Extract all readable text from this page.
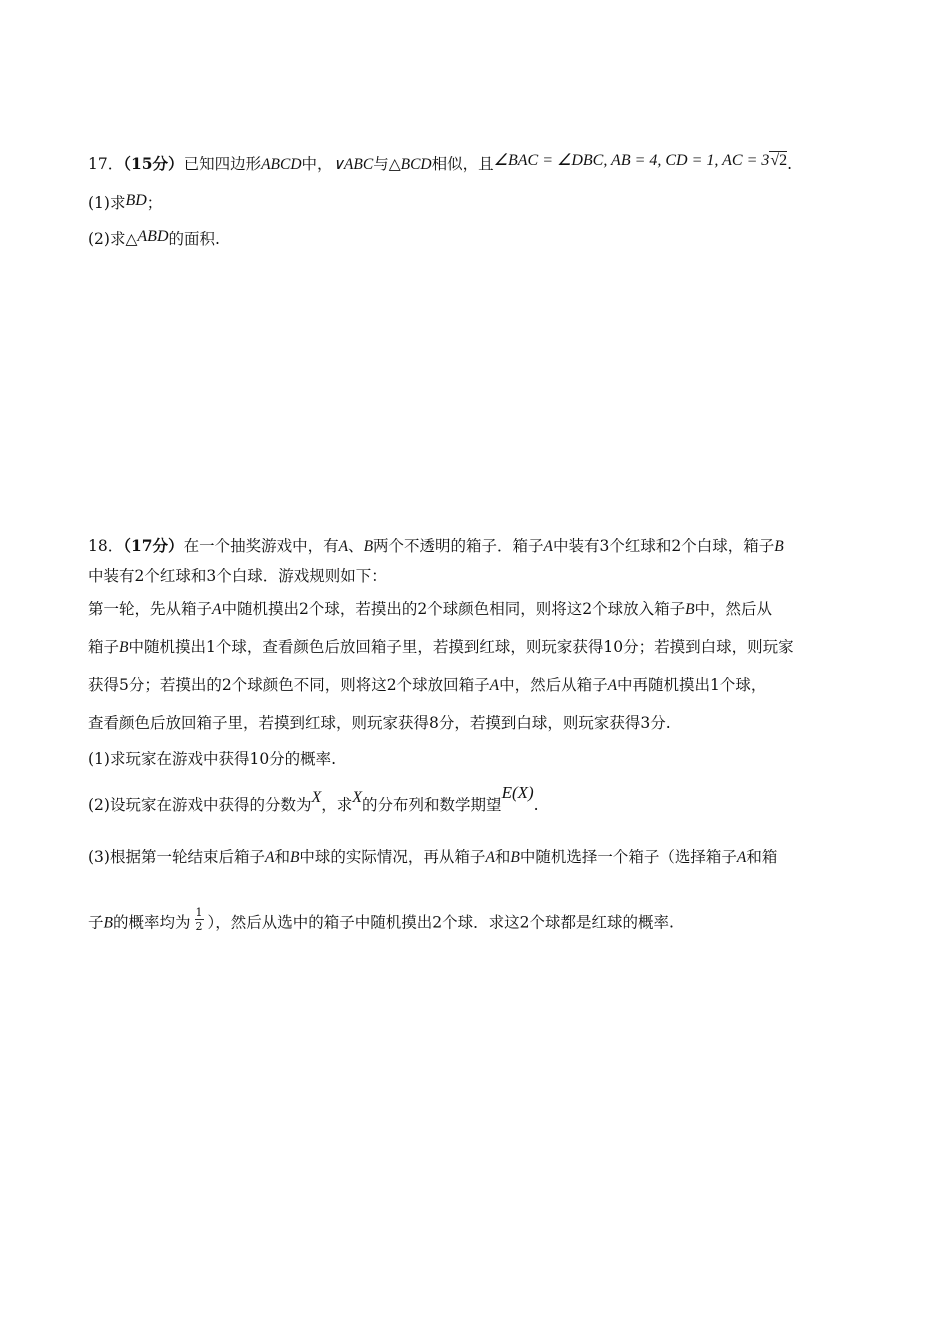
17．（15分）已知四边形ABCD中，∨ABC与△BCD相似，且∠BAC = ∠DBC, AB = 4, CD = 1, AC = 3√2.
(1)求BD；
(2)求△ABD的面积.
18．（17分）在一个抽奖游戏中，有A、B两个不透明的箱子．箱子A中装有3个红球和2个白球，箱子B
中装有2个红球和3个白球．游戏规则如下：
第一轮，先从箱子A中随机摸出2个球，若摸出的2个球颜色相同，则将这2个球放入箱子B中，然后从
箱子B中随机摸出1个球，查看颜色后放回箱子里，若摸到红球，则玩家获得10分；若摸到白球，则玩家
获得5分；若摸出的2个球颜色不同，则将这2个球放回箱子A中，然后从箱子A中再随机摸出1个球，
查看颜色后放回箱子里，若摸到红球，则玩家获得8分，若摸到白球，则玩家获得3分.
(1)求玩家在游戏中获得10分的概率.
(2)设玩家在游戏中获得的分数为X，求X的分布列和数学期望E(X).
(3)根据第一轮结束后箱子A和B中球的实际情况，再从箱子A和B中随机选择一个箱子（选择箱子A和箱
子B的概率均为 $\frac{1}{2}$ ），然后从选中的箱子中随机摸出2个球．求这2个球都是红球的概率.
